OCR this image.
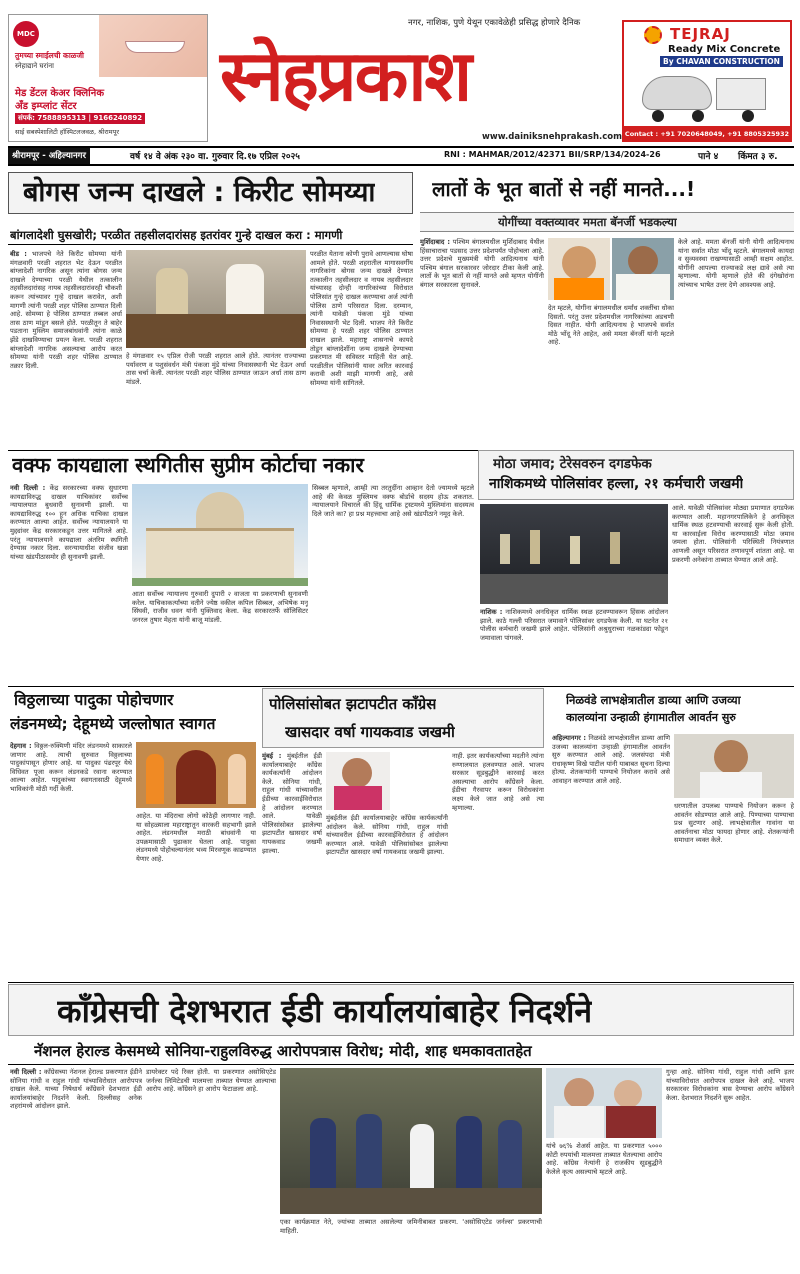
MDC
तुमच्या स्माईलची काळजी
स्नेहाद्याने घरांना
मेड डेंटल केअर क्लिनिक
अँड इम्प्लांट सेंटर
संपर्क: 7588895313 | 9166240892
साई सबस्पेशालिटी हॉस्पिटलजवळ, श्रीरामपूर
नगर, नाशिक, पुणे येथून एकावेळेही प्रसिद्ध होणारे दैनिक
स्नेहप्रकाश
www.dainiksnehprakash.com
TEJRAJ
Ready Mix Concrete
By CHAVAN CONSTRUCTION
Contact : +91 7020648049, +91 8805325932
श्रीरामपूर - अहिल्यानगर	वर्ष १४ वे अंक २३० वा. गुरुवार दि.१७ एप्रिल २०२५	RNI : MAHMAR/2012/42371 BII/SRP/134/2024-26	पाने ४ किंमत ३ रु.
बोगस जन्म दाखले : किरीट सोमय्या
बांगलादेशी घुसखोरी; परळीत तहसीलदारांसह इतरांवर गुन्हे दाखल करा : मागणी
बीड : भाजपचे नेते किरीट सोमय्या यांनी मंगळवारी परळी शहरात भेट देऊन परळीत बांग्लादेशी नागरिक असून त्यांना बोगस जन्म दाखले देण्याच्या परळी येथील तत्कालीन तहसीलदारांसह नायब तहसीलदारांवरही चौकशी करून त्यांच्यावर गुन्हे दाखल करावेत, अशी मागणी त्यांनी परळी शहर पोलिस ठाण्यात दिली आहे. सोमय्या हे पोलिस ठाण्यात तब्बल अर्धा तास ठाण मांडून बसले होते. परळीतून ते बाहेर पडताना मुस्लिम समाजबांधवांनी त्यांना काळे झेंडे दाखविण्याचा प्रयत्न केला. परळी शहरात बांग्लादेशी नागरिक असल्याचा आरोप करत सोमय्या यांनी परळी शहर पोलिस ठाण्यात तक्रार दिली.
हे मंगळवार १५ एप्रिल रोजी परळी शहरात आले होते. त्यानंतर राज्याच्या पर्यावरण व पशुसंवर्धन मंत्री पंकजा मुंडे यांच्या निवासस्थानी भेट देऊन अर्धा तास चर्चा केली. त्यानंतर परळी शहर पोलिस ठाण्यात जाऊन अर्धा तास ठाण मांडले.
परळीत येताना कोणी पुरावे आणल्यास घोषा आमले होते. परळी शहरातील मागासवर्गीय नागरिकांना बोगस जन्म दाखले देण्यात तत्कालीन तहसीलदार व नायब तहसीलदार यांच्यासह दोन्ही नागरिकांच्या विरोधात पोलिसांत गुन्हे दाखल करण्याचा अर्ज त्यांनी पोलिस ठाणे परिसरात दिला. दरम्यान, त्यांनी यावेळी पंकजा मुंडे यांच्या निवासस्थानी भेट दिली. भाजप नेते किरीट सोमय्या हे परळी शहर पोलिस ठाण्यात दाखल झाले. महाराष्ट्र शासनाचे कायदे तोडून बांग्लादेशींना जन्म दाखले देण्याच्या प्रकरणात मी सविस्तर माहिती घेत आहे. परळीतील पोलिसांनी यावर त्वरित कारवाई करावी अशी माझी मागणी आहे, असे सोमय्या यांनी सांगितले.
लातों के भूत बातों से नहीं मानते...!
योगींच्या वक्तव्यावर ममता बॅनर्जी भडकल्या
मुर्शिदाबाद : पश्चिम बंगालमधील मुर्शिदाबाद येथील हिंसाचाराचा पडसाद उत्तर प्रदेशपर्यंत पोहोचला आहे. उत्तर प्रदेशचे मुख्यमंत्री योगी आदित्यनाथ यांनी पश्चिम बंगाल सरकारवर जोरदार टीका केली आहे. लातों के भूत बातों से नहीं मानते असे म्हणत योगींनी बंगाल सरकारला सुनावले.
देत म्हटले, योगींना बंगालमधील धर्मांध शक्तींचा धोका दिसतो. परंतु उत्तर प्रदेशमधील नागरिकांच्या अडचणी दिसत नाहीत. योगी आदित्यनाथ हे भाजपचे सर्वात मोठे भोंदू नेते आहेत, असे ममता बॅनर्जी यांनी म्हटले आहे.
केले आहे. ममता बॅनर्जी यांनी योगी आदित्यनाथ यांना सर्वात मोठा भोंदू म्हटले. बंगालमध्ये कायदा व सुव्यवस्था राखण्यासाठी आम्ही सक्षम आहोत. योगींनी आपल्या राज्याकडे लक्ष द्यावे असे त्या म्हणाल्या. योगी म्हणाले होते की दंगेखोरांना त्यांच्याच भाषेत उत्तर देणे आवश्यक आहे.
वक्फ कायद्याला स्थगितीस सुप्रीम कोर्टाचा नकार
नवी दिल्ली : केंद्र सरकारच्या वक्फ सुधारणा कायद्याविरुद्ध दाखल याचिकांवर सर्वोच्च न्यायालयात बुधवारी सुनावणी झाली. या कायद्याविरुद्ध १०० हून अधिक याचिका दाखल करण्यात आल्या आहेत. सर्वोच्च न्यायालयाने या मुद्द्यांवर केंद्र सरकारकडून उत्तर मागितले आहे. परंतु न्यायालयाने कायद्याला अंतरिम स्थगिती देण्यास नकार दिला. सरन्यायाधीश संजीव खन्ना यांच्या खंडपीठासमोर ही सुनावणी झाली.
आता सर्वोच्च न्यायालय गुरुवारी दुपारी २ वाजता या प्रकरणाची सुनावणी करेल. याचिकाकर्त्यांच्या वतीने ज्येष्ठ वकील कपिल सिब्बल, अभिषेक मनू सिंघवी, राजीव धवन यांनी युक्तिवाद केला. केंद्र सरकारतर्फे सॉलिसिटर जनरल तुषार मेहता यांनी बाजू मांडली.
सिब्बल म्हणाले, आम्ही त्या तरतुदींना आव्हान देतो ज्यामध्ये म्हटले आहे की केवळ मुस्लिमच वक्फ बोर्डाचे सदस्य होऊ शकतात. न्यायालयाने विचारले की हिंदू धार्मिक ट्रस्टमध्ये मुस्लिमांना सदस्यत्व दिले जाते का? हा प्रश्न महत्त्वाचा आहे असे खंडपीठाने नमूद केले.
मोठा जमाव; टेरेसवरुन दगडफेक
नाशिकमध्ये पोलिसांवर हल्ला, २१ कर्मचारी जखमी
नाशिक : नाशिकमध्ये अनधिकृत धार्मिक स्थळ हटवण्यावरून हिंसक आंदोलन झाले. काठे गल्ली परिसरात जमावाने पोलिसांवर दगडफेक केली. या घटनेत २१ पोलीस कर्मचारी जखमी झाले आहेत. पोलिसांनी अश्रुधुराच्या नळकांड्या फोडून जमावाला पांगवले.
आले. यावेळी पोलिसांवर मोठ्या प्रमाणात दगडफेक करण्यात आली. महानगरपालिकेने हे अनधिकृत धार्मिक स्थळ हटवण्याची कारवाई सुरू केली होती. या कारवाईला विरोध करण्यासाठी मोठा जमाव जमला होता. पोलिसांनी परिस्थिती नियंत्रणात आणली असून परिसरात तणावपूर्ण शांतता आहे. या प्रकरणी अनेकांना ताब्यात घेण्यात आले आहे.
विठ्ठलाच्या पादुका पोहोचणार
लंडनमध्ये; देहूमध्ये जल्लोषात स्वागत
देहगाव : विठ्ठल-रुक्मिणी मंदिर लंडनमध्ये साकारले जाणार आहे. त्याची सुरुवात विठ्ठलाच्या पादुकांपासून होणार आहे. या पादुका पंढरपूर येथे विधिवत पूजा करून लंडनकडे रवाना करण्यात आल्या आहेत. पादुकांच्या स्वागतासाठी देहूमध्ये भाविकांनी मोठी गर्दी केली.
आहेत. या मंदिराचा लोगो कोठेही लागणार नाही. या सोहळ्याला महाराष्ट्रातून वारकरी सहभागी झाले आहेत. लंडनमधील मराठी बांधवांनी या उपक्रमासाठी पुढाकार घेतला आहे. पादुका लंडनमध्ये पोहोचल्यानंतर भव्य मिरवणूक काढण्यात येणार आहे.
पोलिसांसोबत झटापटीत काँग्रेस
खासदार वर्षा गायकवाड जखमी
मुंबई : मुंबईतील ईडी कार्यालयाबाहेर काँग्रेस कार्यकर्त्यांनी आंदोलन केले. सोनिया गांधी, राहुल गांधी यांच्यावरील ईडीच्या कारवाईविरोधात हे आंदोलन करण्यात आले. यावेळी पोलिसांसोबत झालेल्या झटापटीत खासदार वर्षा गायकवाड जखमी झाल्या.
मुंबईतील ईडी कार्यालयाबाहेर काँग्रेस कार्यकर्त्यांनी आंदोलन केले. सोनिया गांधी, राहुल गांधी यांच्यावरील ईडीच्या कारवाईविरोधात हे आंदोलन करण्यात आले. यावेळी पोलिसांसोबत झालेल्या झटापटीत खासदार वर्षा गायकवाड जखमी झाल्या.
नाही. इतर कार्यकर्त्यांच्या मदतीने त्यांना रुग्णालयात हलवण्यात आले. भाजप सरकार सूडबुद्धीने कारवाई करत असल्याचा आरोप काँग्रेसने केला. ईडीचा गैरवापर करून विरोधकांना लक्ष्य केले जात आहे असे त्या म्हणाल्या.
निळवंडे लाभक्षेत्रातील डाव्या आणि उजव्या
कालव्यांना उन्हाळी हंगामातील आवर्तन सुरु
अहिल्यानगर : निळवंडे लाभक्षेत्रातील डाव्या आणि उजव्या कालव्यांना उन्हाळी हंगामातील आवर्तन सुरु करण्यात आले आहे. जलसंपदा मंत्री राधाकृष्ण विखे पाटील यांनी याबाबत सूचना दिल्या होत्या. शेतकऱ्यांनी पाण्याचे नियोजन करावे असे आवाहन करण्यात आले आहे.
धरणातील उपलब्ध पाण्याचे नियोजन करून हे आवर्तन सोडण्यात आले आहे. पिण्याच्या पाण्याचा प्रश्न सुटणार आहे. लाभक्षेत्रातील गावांना या आवर्तनाचा मोठा फायदा होणार आहे. शेतकऱ्यांनी समाधान व्यक्त केले.
काँग्रेसची देशभरात ईडी कार्यालयांबाहेर निदर्शने
नॅशनल हेराल्ड केसमध्ये सोनिया-राहुलविरुद्ध आरोपपत्रास विरोध; मोदी, शाह धमकावतातहेत
नवी दिल्ली : काँग्रेसच्या नॅशनल हेराल्ड प्रकरणात ईडीने सोनिया गांधी व राहुल गांधी यांच्याविरोधात आरोपपत्र दाखल केले. याच्या निषेधार्थ काँग्रेसने देशभरात ईडी कार्यालयांबाहेर निदर्शने केली. दिल्लीसह अनेक शहरांमध्ये आंदोलन झाले.
डायरेक्टर पदे रिक्त होती. या प्रकरणात असोसिएटेड जर्नल्स लिमिटेडची मालमत्ता ताब्यात घेण्यात आल्याचा आरोप आहे. काँग्रेसने हा आरोप फेटाळला आहे.
एका कार्यक्रमात नेते, ज्यांच्या ताब्यात असलेल्या जमिनीबाबत प्रकरण. 'असोसिएटेड जर्नल्स' प्रकरणाची माहिती.
यांचे ७६% शेअर्स आहेत. या प्रकरणात ५००० कोटी रुपयांची मालमत्ता ताब्यात घेतल्याचा आरोप आहे. काँग्रेस नेत्यांनी हे राजकीय सूडबुद्धीने केलेले कृत्य असल्याचे म्हटले आहे.
गुन्हा आहे. सोनिया गांधी, राहुल गांधी आणि इतर यांच्याविरोधात आरोपपत्र दाखल केले आहे. भाजप सरकारवर विरोधकांना त्रास देण्याचा आरोप काँग्रेसने केला. देशभरात निदर्शने सुरू आहेत.
